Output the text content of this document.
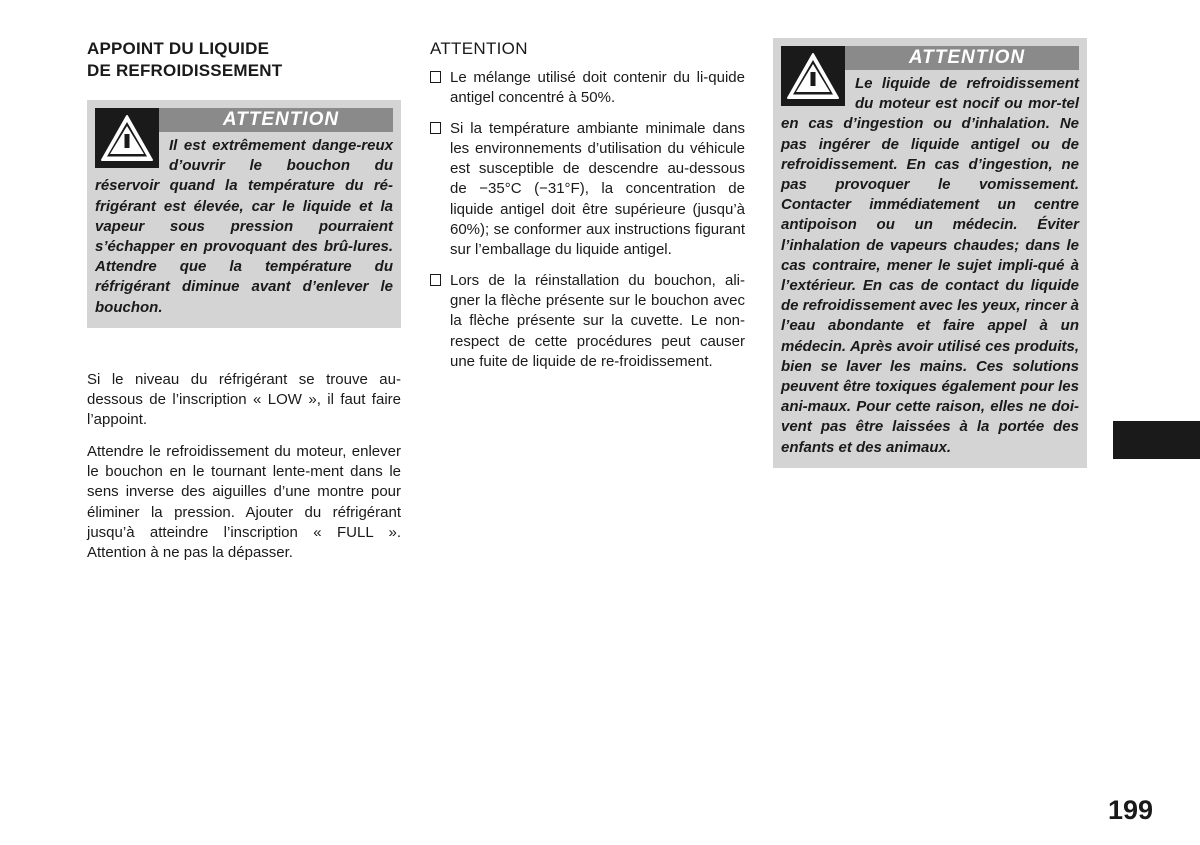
APPOINT DU LIQUIDE
DE REFROIDISSEMENT
ATTENTION

Il est extrêmement dange-reux d’ouvrir le bouchon du réservoir quand la température du ré-frigérant est élevée, car le liquide et la vapeur sous pression pourraient s’échapper en provoquant des brû-lures. Attendre que la température du réfrigérant diminue avant d’enlever le bouchon.

Si le niveau du réfrigérant se trouve au-dessous de l’inscription « LOW », il faut faire l’appoint.

Attendre le refroidissement du moteur, enlever le bouchon en le tournant lente-ment dans le sens inverse des aiguilles d’une montre pour éliminer la pression. Ajouter du réfrigérant jusqu’à atteindre l’inscription « FULL ». Attention à ne pas la dépasser.

ATTENTION
Le mélange utilisé doit contenir du li-quide antigel concentré à 50%.
Si la température ambiante minimale dans les environnements d’utilisation du véhicule est susceptible de descendre au-dessous de −35°C (−31°F), la concentration de liquide antigel doit être supérieure (jusqu’à 60%); se conformer aux instructions figurant sur l’emballage du liquide antigel.
Lors de la réinstallation du bouchon, ali-gner la flèche présente sur le bouchon avec la flèche présente sur la cuvette. Le non-respect de cette procédures peut causer une fuite de liquide de re-froidissement.
ATTENTION

Le liquide de refroidissement du moteur est nocif ou mor-tel en cas d’ingestion ou d’inhalation. Ne pas ingérer de liquide antigel ou de refroidissement. En cas d’ingestion, ne pas provoquer le vomissement. Contacter immédiatement un centre antipoison ou un médecin. Éviter l’inhalation de vapeurs chaudes; dans le cas contraire, mener le sujet impli-qué à l’extérieur. En cas de contact du liquide de refroidissement avec les yeux, rincer à l’eau abondante et faire appel à un médecin. Après avoir utilisé ces produits, bien se laver les mains. Ces solutions peuvent être toxiques également pour les ani-maux. Pour cette raison, elles ne doi-vent pas être laissées à la portée des enfants et des animaux.

199
